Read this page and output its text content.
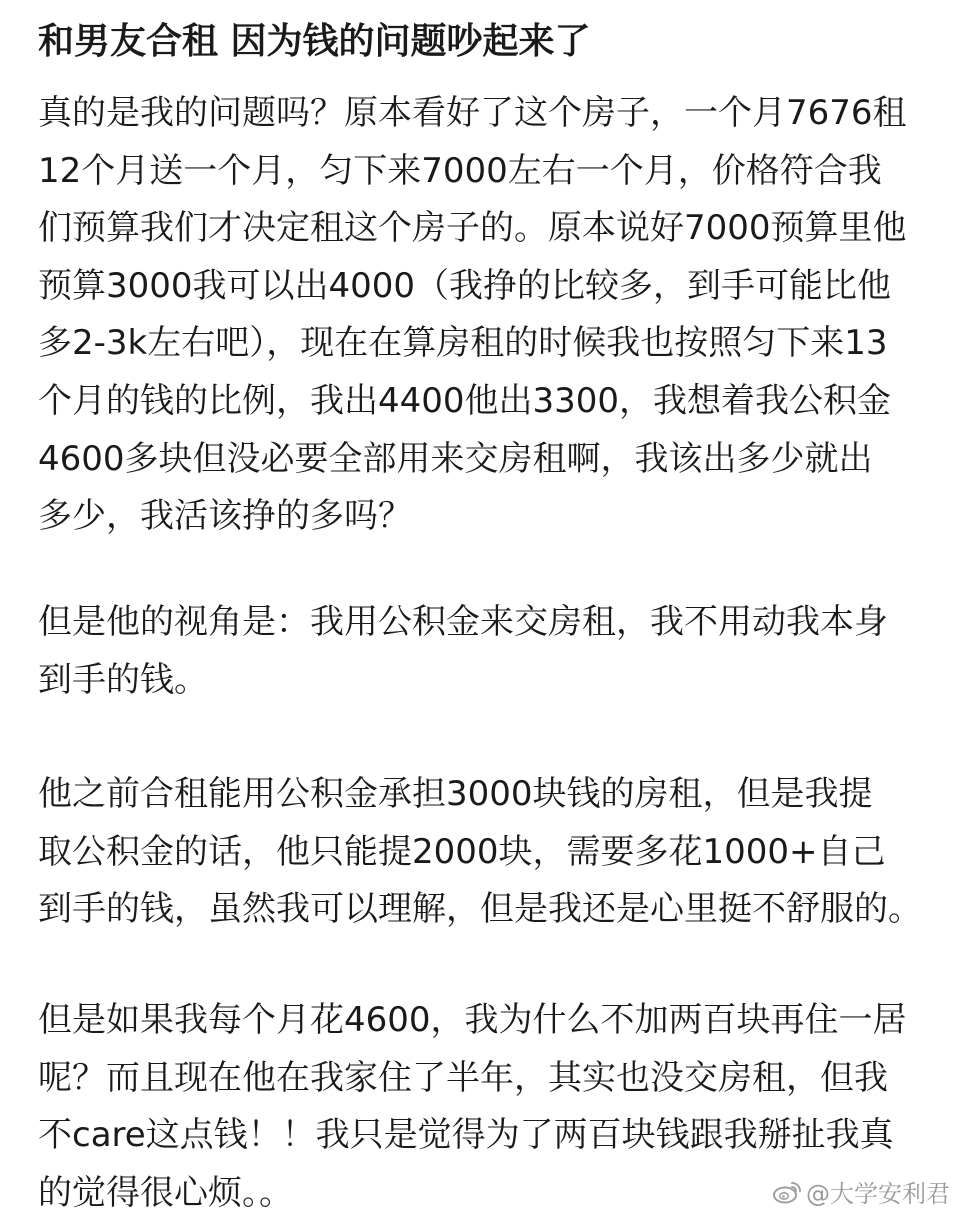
和男友合租 因为钱的问题吵起来了
真的是我的问题吗？原本看好了这个房子，一个月7676租
12个月送一个月，匀下来7000左右一个月，价格符合我
们预算我们才决定租这个房子的。原本说好7000预算里他
预算3000我可以出4000（我挣的比较多，到手可能比他
多2-3k左右吧），现在在算房租的时候我也按照匀下来13
个月的钱的比例，我出4400他出3300，我想着我公积金
4600多块但没必要全部用来交房租啊，我该出多少就出
多少，我活该挣的多吗？
但是他的视角是：我用公积金来交房租，我不用动我本身
到手的钱。
他之前合租能用公积金承担3000块钱的房租，但是我提
取公积金的话，他只能提2000块，需要多花1000+自己
到手的钱，虽然我可以理解，但是我还是心里挺不舒服的。
但是如果我每个月花4600，我为什么不加两百块再住一居
呢？而且现在他在我家住了半年，其实也没交房租，但我
不care这点钱！！我只是觉得为了两百块钱跟我掰扯我真
的觉得很心烦。。	@大学安利君
